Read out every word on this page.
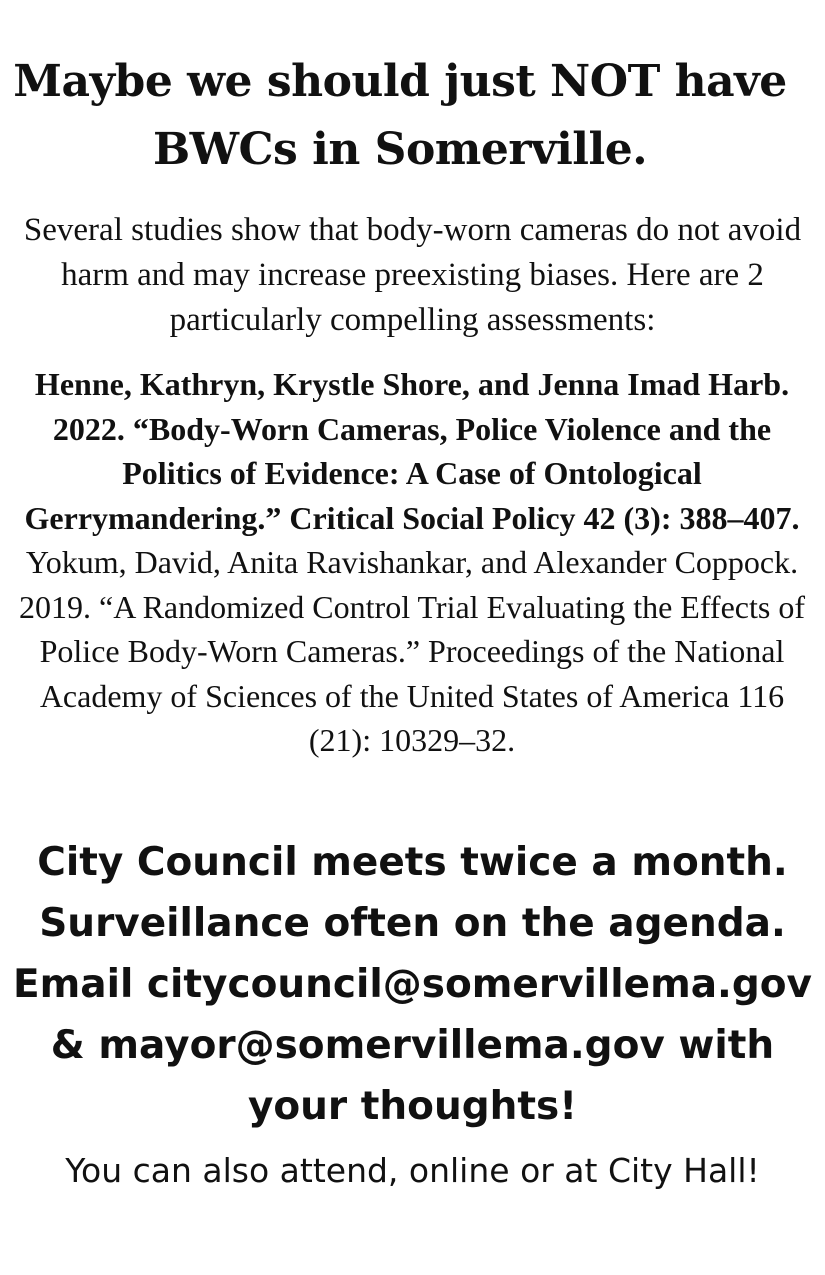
Maybe we should just NOT have BWCs in Somerville.

Several studies show that body-worn cameras do not avoid harm and may increase preexisting biases. Here are 2 particularly compelling assessments:

Henne, Kathryn, Krystle Shore, and Jenna Imad Harb. 2022. “Body-Worn Cameras, Police Violence and the Politics of Evidence: A Case of Ontological Gerrymandering.” Critical Social Policy 42 (3): 388–407.
Yokum, David, Anita Ravishankar, and Alexander Coppock. 2019. “A Randomized Control Trial Evaluating the Effects of Police Body-Worn Cameras.” Proceedings of the National Academy of Sciences of the United States of America 116 (21): 10329–32.
City Council meets twice a month.
Surveillance often on the agenda.
Email citycouncil@somervillema.gov
& mayor@somervillema.gov with
your thoughts!

You can also attend, online or at City Hall!
